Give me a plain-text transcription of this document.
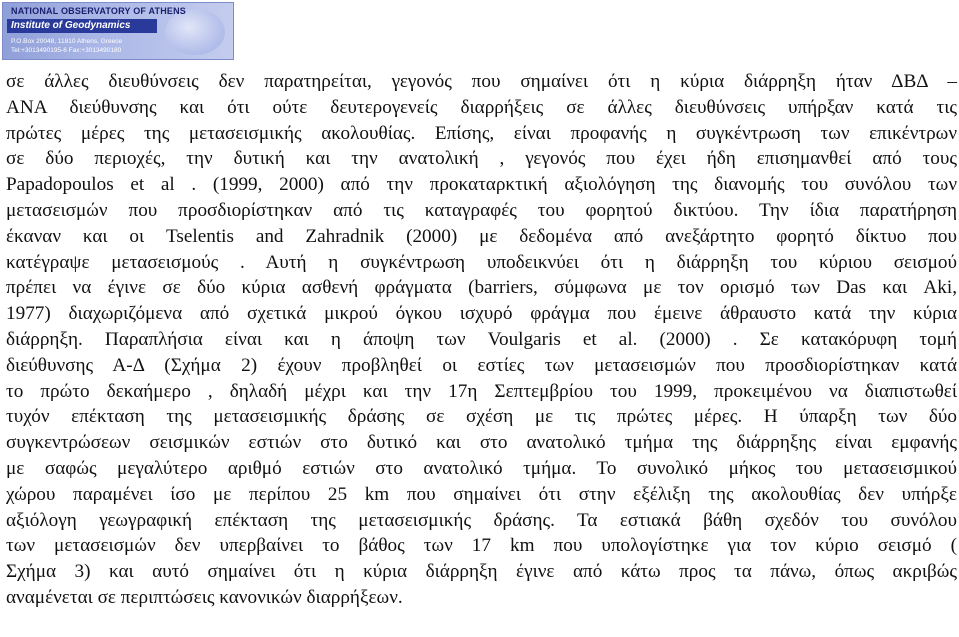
NATIONAL OBSERVATORY OF ATHENS
Institute of Geodynamics
P.O.Box 20048, 11810 Athens, Greece
Tel:+3013490195-6 Fax:+3013490180
σε άλλες διευθύνσεις δεν παρατηρείται, γεγονός που σημαίνει ότι η κύρια διάρρηξη ήταν ΔΒΔ –
ΑΝΑ διεύθυνσης και ότι ούτε δευτερογενείς διαρρήξεις σε άλλες διευθύνσεις υπήρξαν κατά τις
πρώτες μέρες της μετασεισμικής ακολουθίας. Επίσης, είναι προφανής η συγκέντρωση των επικέντρων
σε δύο περιοχές, την δυτική και την ανατολική , γεγονός που έχει ήδη επισημανθεί από τους
Papadopoulos et al . (1999, 2000) από την προκαταρκτική αξιολόγηση της διανομής του συνόλου των
μετασεισμών που προσδιορίστηκαν από τις καταγραφές του φορητού δικτύου. Την ίδια παρατήρηση
έκαναν και οι Tselentis and Zahradnik (2000) με δεδομένα από ανεξάρτητο φορητό δίκτυο που
κατέγραψε μετασεισμούς . Αυτή η συγκέντρωση υποδεικνύει ότι η διάρρηξη του κύριου σεισμού
πρέπει να έγινε σε δύο κύρια ασθενή φράγματα (barriers, σύμφωνα με τον ορισμό των Das και Aki,
1977) διαχωριζόμενα από σχετικά μικρού όγκου ισχυρό φράγμα που έμεινε άθραυστο κατά την κύρια
διάρρηξη. Παραπλήσια είναι και η άποψη των Voulgaris et al. (2000) . Σε κατακόρυφη τομή
διεύθυνσης Α-Δ (Σχήμα 2) έχουν προβληθεί οι εστίες των μετασεισμών που προσδιορίστηκαν κατά
το πρώτο δεκαήμερο , δηλαδή μέχρι και την 17η Σεπτεμβρίου του 1999, προκειμένου να διαπιστωθεί
τυχόν επέκταση της μετασεισμικής δράσης σε σχέση με τις πρώτες μέρες. Η ύπαρξη των δύο
συγκεντρώσεων σεισμικών εστιών στο δυτικό και στο ανατολικό τμήμα της διάρρηξης είναι εμφανής
με σαφώς μεγαλύτερο αριθμό εστιών στο ανατολικό τμήμα. Το συνολικό μήκος του μετασεισμικού
χώρου παραμένει ίσο με περίπου 25 km που σημαίνει ότι στην εξέλιξη της ακολουθίας δεν υπήρξε
αξιόλογη γεωγραφική επέκταση της μετασεισμικής δράσης. Τα εστιακά βάθη σχεδόν του συνόλου
των μετασεισμών δεν υπερβαίνει το βάθος των 17 km που υπολογίστηκε για τον κύριο σεισμό (
Σχήμα 3) και αυτό σημαίνει ότι η κύρια διάρρηξη έγινε από κάτω προς τα πάνω, όπως ακριβώς
αναμένεται σε περιπτώσεις κανονικών διαρρήξεων.
